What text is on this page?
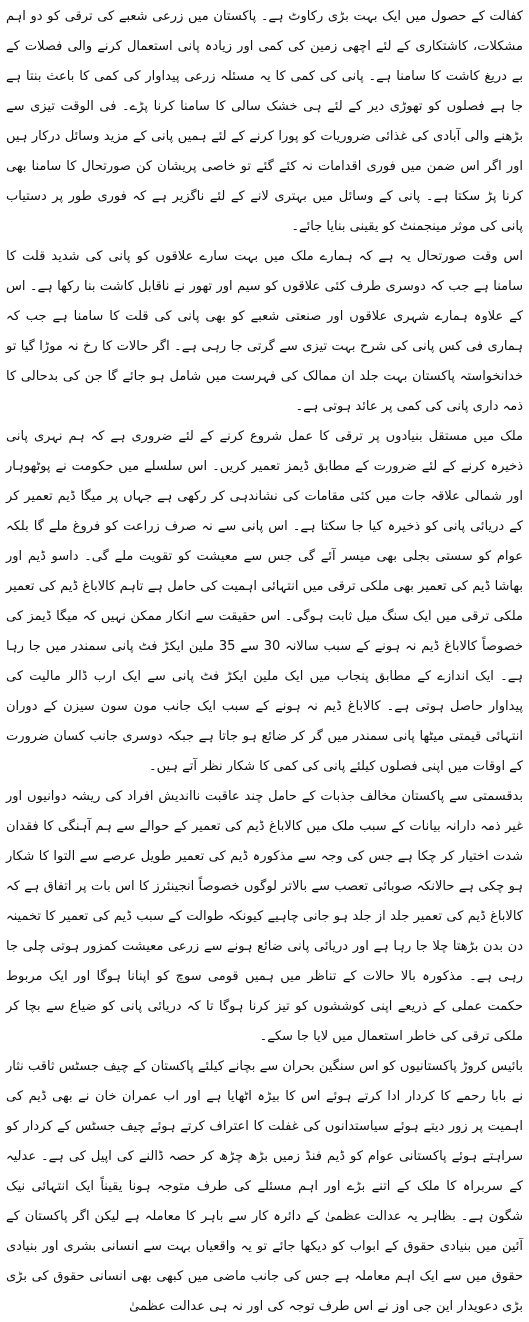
کفالت کے حصول میں ایک بہت بڑی رکاوٹ ہے۔ پاکستان میں زرعی شعبے کی ترقی کو دو اہم مشکلات، کاشتکاری کے لئے اچھی زمین کی کمی اور زیادہ پانی استعمال کرنے والی فصلات کے بے دریغ کاشت کا سامنا ہے۔ پانی کی کمی کا یہ مسئلہ زرعی پیداوار کی کمی کا باعث بنتا ہے جا ہے فصلوں کو تھوڑی دیر کے لئے ہی خشک سالی کا سامنا کرنا پڑے۔ فی الوقت تیزی سے بڑھنے والی آبادی کی غذائی ضروریات کو پورا کرنے کے لئے ہمیں پانی کے مزید وسائل درکار ہیں اور اگر اس ضمن میں فوری اقدامات نہ کئے گئے تو خاصی پریشان کن صورتحال کا سامنا بھی کرنا پڑ سکتا ہے۔ پانی کے وسائل میں بہتری لانے کے لئے ناگزیر ہے کہ فوری طور پر دستیاب پانی کی موثر مینجمنٹ کو یقینی بنایا جائے۔

اس وقت صورتحال یہ ہے کہ ہمارے ملک میں بہت سارے علاقوں کو پانی کی شدید قلت کا سامنا ہے جب کہ دوسری طرف کئی علاقوں کو سیم اور تھور نے ناقابل کاشت بنا رکھا ہے۔ اس کے علاوہ ہمارے شہری علاقوں اور صنعتی شعبے کو بھی پانی کی قلت کا سامنا ہے جب کہ ہماری فی کس پانی کی شرح بہت تیزی سے گرتی جا رہی ہے۔ اگر حالات کا رخ نہ موڑا گیا تو خدانخواستہ پاکستان بہت جلد ان ممالک کی فہرست میں شامل ہو جائے گا جن کی بدحالی کا ذمہ داری پانی کی کمی پر عائد ہوتی ہے۔

ملک میں مستقل بنیادوں پر ترقی کا عمل شروع کرنے کے لئے ضروری ہے کہ ہم نہری پانی ذخیرہ کرنے کے لئے ضرورت کے مطابق ڈیمز تعمیر کریں۔ اس سلسلے میں حکومت نے پوٹھوہار اور شمالی علاقہ جات میں کئی مقامات کی نشاندہی کر رکھی ہے جہاں پر میگا ڈیم تعمیر کر کے دریائی پانی کو ذخیرہ کیا جا سکتا ہے۔ اس پانی سے نہ صرف زراعت کو فروغ ملے گا بلکہ عوام کو سستی بجلی بھی میسر آئے گی جس سے معیشت کو تقویت ملے گی۔ داسو ڈیم اور بھاشا ڈیم کی تعمیر بھی ملکی ترقی میں انتہائی اہمیت کی حامل ہے تاہم کالاباغ ڈیم کی تعمیر ملکی ترقی میں ایک سنگ میل ثابت ہوگی۔ اس حقیقت سے انکار ممکن نہیں کہ میگا ڈیمز کی خصوصاً کالاباغ ڈیم نہ ہونے کے سبب سالانہ 30 سے 35 ملین ایکڑ فٹ پانی سمندر میں جا رہا ہے۔ ایک اندازے کے مطابق پنجاب میں ایک ملین ایکڑ فٹ پانی سے ایک ارب ڈالر مالیت کی پیداوار حاصل ہوتی ہے۔ کالاباغ ڈیم نہ ہونے کے سبب ایک جانب مون سون سیزن کے دوران انتہائی قیمتی میٹھا پانی سمندر میں گر کر ضائع ہو جاتا ہے جبکہ دوسری جانب کسان ضرورت کے اوقات میں اپنی فصلوں کیلئے پانی کی کمی کا شکار نظر آتے ہیں۔

بدقسمتی سے پاکستان مخالف جذبات کے حامل چند عاقبت نااندیش افراد کی ریشہ دوانیوں اور غیر ذمہ دارانہ بیانات کے سبب ملک میں کالاباغ ڈیم کی تعمیر کے حوالے سے ہم آہنگی کا فقدان شدت اختیار کر چکا ہے جس کی وجہ سے مذکورہ ڈیم کی تعمیر طویل عرصے سے التوا کا شکار ہو چکی ہے حالانکہ صوبائی تعصب سے بالاتر لوگوں خصوصاً انجینئرز کا اس بات پر اتفاق ہے کہ کالاباغ ڈیم کی تعمیر جلد از جلد ہو جانی چاہیے کیونکہ طوالت کے سبب ڈیم کی تعمیر کا تخمینہ دن بدن بڑھتا چلا جا رہا ہے اور دریائی پانی ضائع ہونے سے زرعی معیشت کمزور ہوتی چلی جا رہی ہے۔ مذکورہ بالا حالات کے تناظر میں ہمیں قومی سوچ کو اپنانا ہوگا اور ایک مربوط حکمت عملی کے ذریعے اپنی کوششوں کو تیز کرنا ہوگا تا کہ دریائی پانی کو ضیاع سے بچا کر ملکی ترقی کی خاطر استعمال میں لایا جا سکے۔

بائیس کروڑ پاکستانیوں کو اس سنگین بحران سے بچانے کیلئے پاکستان کے چیف جسٹس ثاقب نثار نے بابا رحمے کا کردار ادا کرتے ہوئے اس کا بیڑہ اٹھایا ہے اور اب عمران خان نے بھی ڈیم کی اہمیت پر زور دیتے ہوئے سیاستدانوں کی غفلت کا اعتراف کرتے ہوئے چیف جسٹس کے کردار کو سراہتے ہوئے پاکستانی عوام کو ڈیم فنڈ زمیں بڑھ چڑھ کر حصہ ڈالنے کی اپیل کی ہے۔ عدلیہ کے سربراہ کا ملک کے اتنے بڑے اور اہم مسئلے کی طرف متوجہ ہونا یقیناً ایک انتہائی نیک شگون ہے۔ بظاہر یہ عدالت عظمیٰ کے دائرہ کار سے باہر کا معاملہ ہے لیکن اگر پاکستان کے آئین میں بنیادی حقوق کے ابواب کو دیکھا جائے تو یہ واقعیاں بہت سے انسانی بشری اور بنیادی حقوق میں سے ایک اہم معاملہ ہے جس کی جانب ماضی میں کبھی بھی انسانی حقوق کی بڑی بڑی دعویدار این جی اوز نے اس طرف توجہ کی اور نہ ہی عدالت عظمیٰ
